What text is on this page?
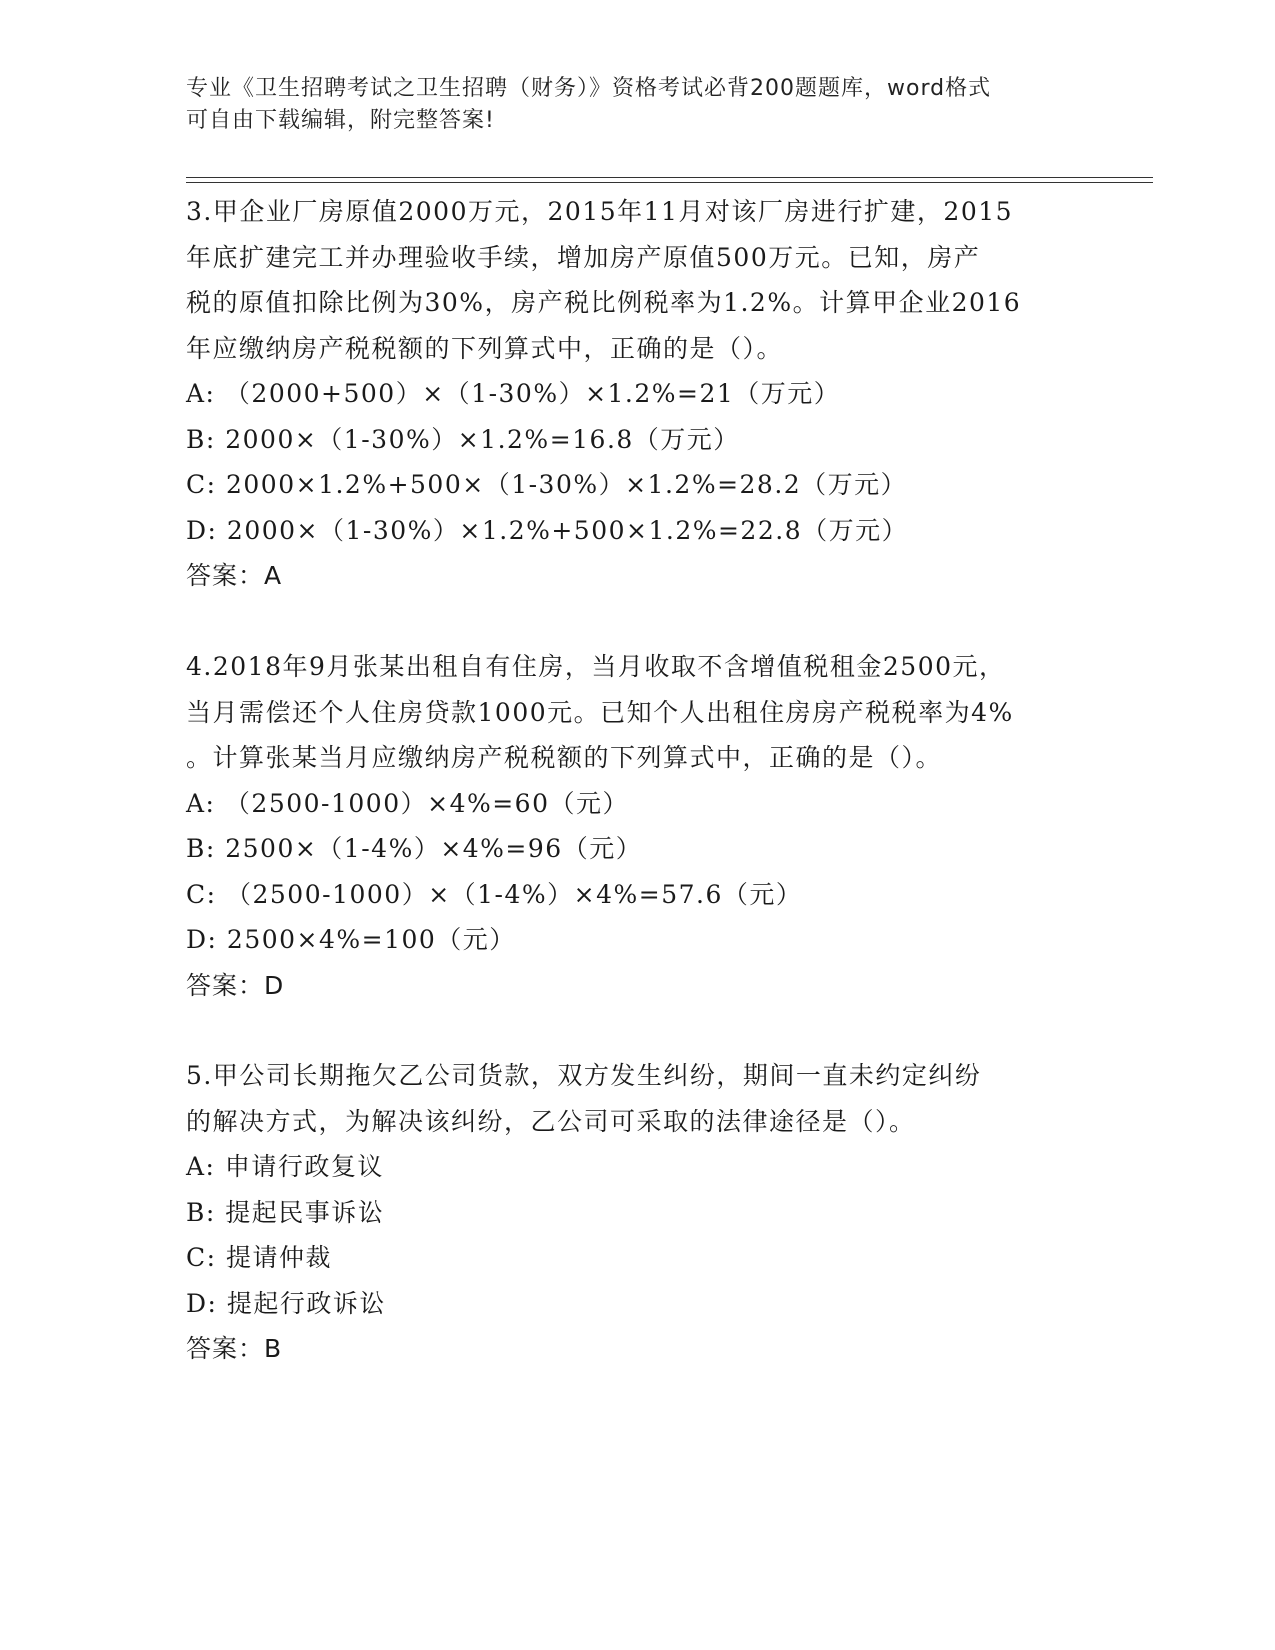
专业《卫生招聘考试之卫生招聘（财务）》资格考试必背200题题库，word格式
可自由下载编辑，附完整答案!
3.甲企业厂房原值2000万元，2015年11月对该厂房进行扩建，2015
年底扩建完工并办理验收手续，增加房产原值500万元。已知，房产
税的原值扣除比例为30%，房产税比例税率为1.2%。计算甲企业2016
年应缴纳房产税税额的下列算式中，正确的是（）。
A: （2000+500）×（1-30%）×1.2%=21（万元）
B: 2000×（1-30%）×1.2%=16.8（万元）
C: 2000×1.2%+500×（1-30%）×1.2%=28.2（万元）
D: 2000×（1-30%）×1.2%+500×1.2%=22.8（万元）
答案：A
4.2018年9月张某出租自有住房，当月收取不含增值税租金2500元，
当月需偿还个人住房贷款1000元。已知个人出租住房房产税税率为4%
。计算张某当月应缴纳房产税税额的下列算式中，正确的是（）。
A: （2500-1000）×4%=60（元）
B: 2500×（1-4%）×4%=96（元）
C: （2500-1000）×（1-4%）×4%=57.6（元）
D: 2500×4%=100（元）
答案：D
5.甲公司长期拖欠乙公司货款，双方发生纠纷，期间一直未约定纠纷
的解决方式，为解决该纠纷，乙公司可采取的法律途径是（）。
A: 申请行政复议
B: 提起民事诉讼
C: 提请仲裁
D: 提起行政诉讼
答案：B
